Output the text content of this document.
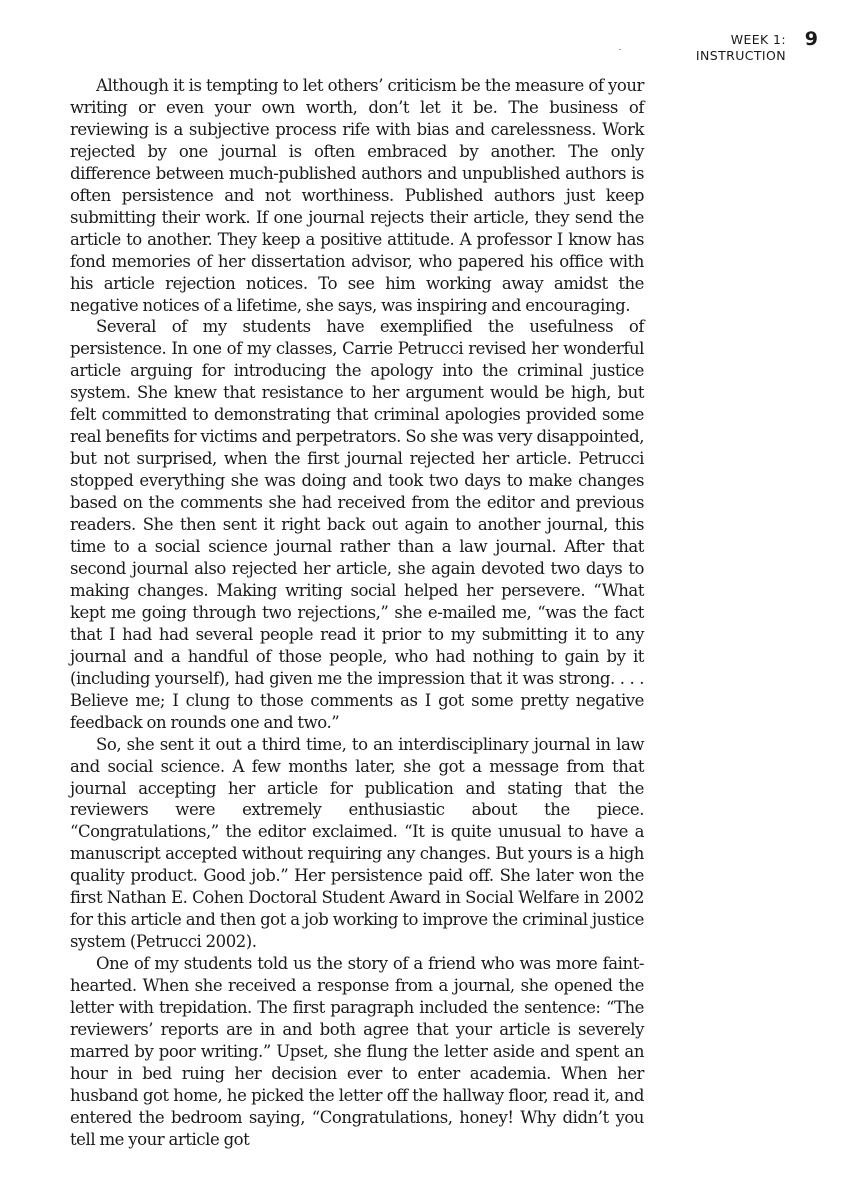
WEEK 1:
INSTRUCTION
9

Although it is tempting to let others’ criticism be the measure of your writing or even your own worth, don’t let it be. The business of reviewing is a subjective process rife with bias and carelessness. Work rejected by one journal is often embraced by another. The only difference between much-published authors and unpublished authors is often persistence and not worthiness. Published authors just keep submitting their work. If one journal rejects their article, they send the article to another. They keep a positive attitude. A professor I know has fond memories of her dissertation advisor, who papered his office with his article rejection notices. To see him working away amidst the negative notices of a lifetime, she says, was inspiring and encouraging.

Several of my students have exemplified the usefulness of persistence. In one of my classes, Carrie Petrucci revised her wonderful article arguing for introducing the apology into the criminal justice system. She knew that resistance to her argument would be high, but felt committed to demonstrating that criminal apologies provided some real benefits for victims and perpetrators. So she was very disappointed, but not surprised, when the first journal rejected her article. Petrucci stopped everything she was doing and took two days to make changes based on the comments she had received from the editor and previous readers. She then sent it right back out again to another journal, this time to a social science journal rather than a law journal. After that second journal also rejected her article, she again devoted two days to making changes. Making writing social helped her persevere. “What kept me going through two rejections,” she e-mailed me, “was the fact that I had had several people read it prior to my submitting it to any journal and a handful of those people, who had nothing to gain by it (including yourself), had given me the impression that it was strong. . . . Believe me; I clung to those comments as I got some pretty negative feedback on rounds one and two.”

So, she sent it out a third time, to an interdisciplinary journal in law and social science. A few months later, she got a message from that journal accepting her article for publication and stating that the reviewers were extremely enthusiastic about the piece. “Congratulations,” the editor exclaimed. “It is quite unusual to have a manuscript accepted without requiring any changes. But yours is a high quality product. Good job.” Her persistence paid off. She later won the first Nathan E. Cohen Doctoral Student Award in Social Welfare in 2002 for this article and then got a job working to improve the criminal justice system (Petrucci 2002).

One of my students told us the story of a friend who was more faint-hearted. When she received a response from a journal, she opened the letter with trepidation. The first paragraph included the sentence: “The reviewers’ reports are in and both agree that your article is severely marred by poor writing.” Upset, she flung the letter aside and spent an hour in bed ruing her decision ever to enter academia. When her husband got home, he picked the letter off the hallway floor, read it, and entered the bedroom saying, “Congratulations, honey! Why didn’t you tell me your article got
